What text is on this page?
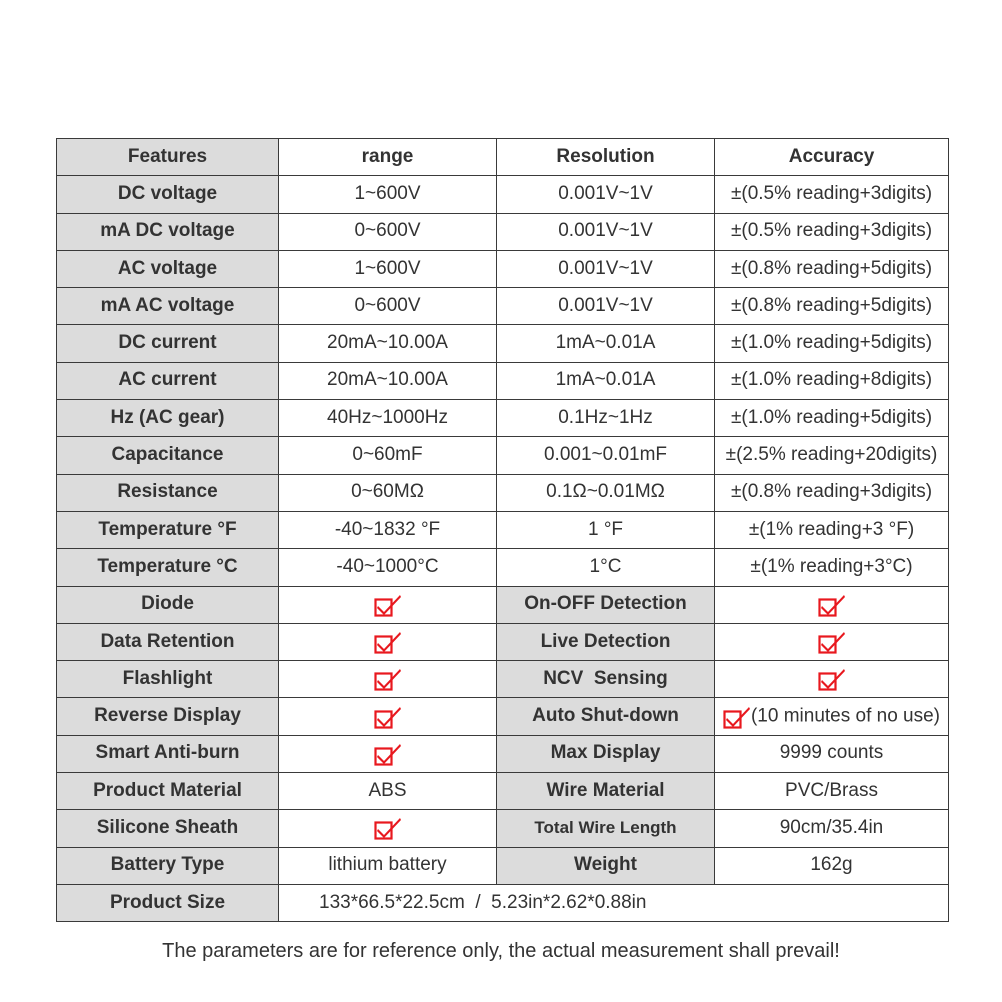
Features	range	Resolution	Accuracy
DC voltage	1~600V	0.001V~1V	±(0.5% reading+3digits)
mA DC voltage	0~600V	0.001V~1V	±(0.5% reading+3digits)
AC voltage	1~600V	0.001V~1V	±(0.8% reading+5digits)
mA AC voltage	0~600V	0.001V~1V	±(0.8% reading+5digits)
DC current	20mA~10.00A	1mA~0.01A	±(1.0% reading+5digits)
AC current	20mA~10.00A	1mA~0.01A	±(1.0% reading+8digits)
Hz (AC gear)	40Hz~1000Hz	0.1Hz~1Hz	±(1.0% reading+5digits)
Capacitance	0~60mF	0.001~0.01mF	±(2.5% reading+20digits)
Resistance	0~60MΩ	0.1Ω~0.01MΩ	±(0.8% reading+3digits)
Temperature °F	-40~1832 °F	1 °F	±(1% reading+3 °F)
Temperature °C	-40~1000°C	1°C	±(1% reading+3°C)
Diode		On-OFF Detection	

Data Retention		Live Detection	

Flashlight		NCV  Sensing	

Reverse Display		Auto Shut-down	(10 minutes of no use)
Smart Anti-burn		Max Display	9999 counts
Product Material	ABS	Wire Material	PVC/Brass
Silicone Sheath		Total Wire Length	90cm/35.4in
Battery Type	lithium battery	Weight	162g
Product Size	133*66.5*22.5cm  /  5.23in*2.62*0.88in		
The parameters are for reference only, the actual measurement shall prevail!
